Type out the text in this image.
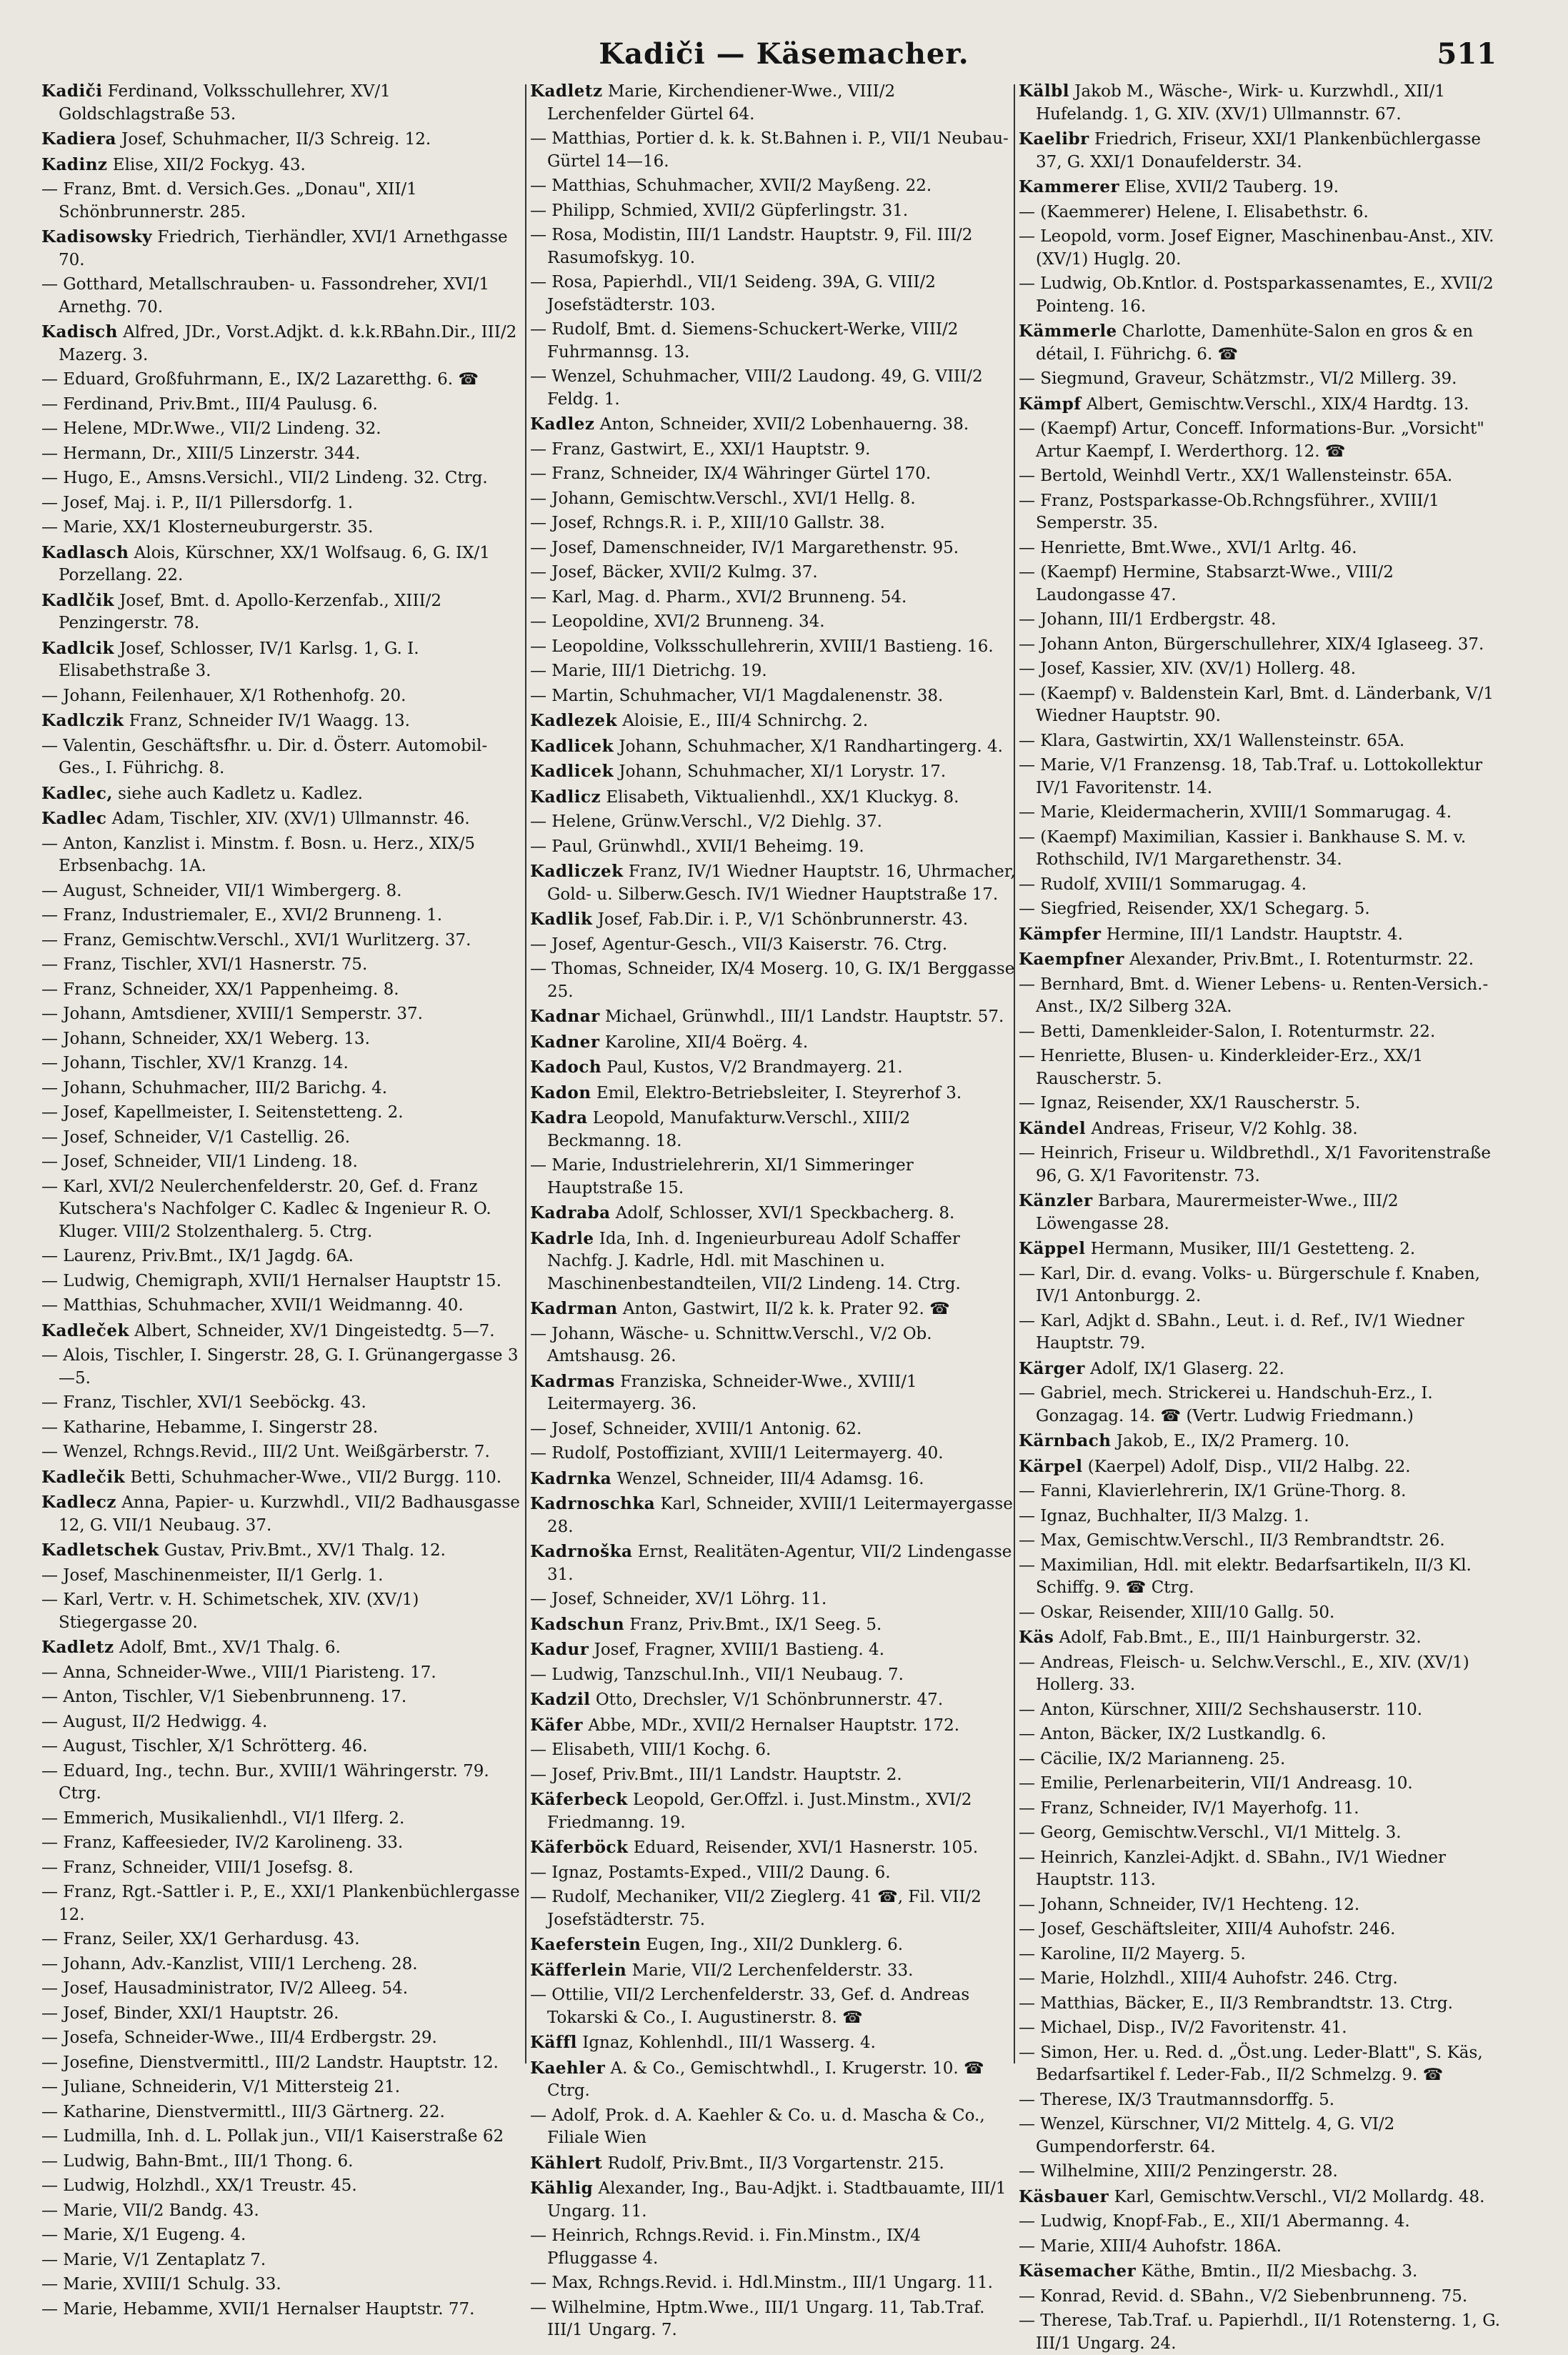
Kadiči — Käsemacher.	511
Kadiči Ferdinand, Volksschullehrer, XV/1 Goldschlagstraße 53.
Kadiera Josef, Schuhmacher, II/3 Schreig. 12.
Kadinz Elise, XII/2 Fockyg. 43.
— Franz, Bmt. d. Versich.Ges. „Donau", XII/1 Schönbrunnerstr. 285.
Kadisowsky Friedrich, Tierhändler, XVI/1 Arnethgasse 70.
— Gotthard, Metallschrauben- u. Fassondreher, XVI/1 Arnethg. 70.
Kadisch Alfred, JDr., Vorst.Adjkt. d. k.k.RBahn.Dir., III/2 Mazerg. 3.
— Eduard, Großfuhrmann, E., IX/2 Lazaretthg. 6. ☎
— Ferdinand, Priv.Bmt., III/4 Paulusg. 6.
— Helene, MDr.Wwe., VII/2 Lindeng. 32.
— Hermann, Dr., XIII/5 Linzerstr. 344.
— Hugo, E., Amsns.Versichl., VII/2 Lindeng. 32. Ctrg.
— Josef, Maj. i. P., II/1 Pillersdorfg. 1.
— Marie, XX/1 Klosterneuburgerstr. 35.
Kadlasch Alois, Kürschner, XX/1 Wolfsaug. 6, G. IX/1 Porzellang. 22.
Kadlčik Josef, Bmt. d. Apollo-Kerzenfab., XIII/2 Penzingerstr. 78.
Kadlcik Josef, Schlosser, IV/1 Karlsg. 1, G. I. Elisabethstraße 3.
— Johann, Feilenhauer, X/1 Rothenhofg. 20.
Kadlczik Franz, Schneider IV/1 Waagg. 13.
— Valentin, Geschäftsfhr. u. Dir. d. Österr. Automobil-Ges., I. Führichg. 8.
Kadlec, siehe auch Kadletz u. Kadlez.
Kadlec Adam, Tischler, XIV. (XV/1) Ullmannstr. 46.
— Anton, Kanzlist i. Minstm. f. Bosn. u. Herz., XIX/5 Erbsenbachg. 1A.
— August, Schneider, VII/1 Wimbergerg. 8.
— Franz, Industriemaler, E., XVI/2 Brunneng. 1.
— Franz, Gemischtw.Verschl., XVI/1 Wurlitzerg. 37.
— Franz, Tischler, XVI/1 Hasnerstr. 75.
— Franz, Schneider, XX/1 Pappenheimg. 8.
— Johann, Amtsdiener, XVIII/1 Semperstr. 37.
— Johann, Schneider, XX/1 Weberg. 13.
— Johann, Tischler, XV/1 Kranzg. 14.
— Johann, Schuhmacher, III/2 Barichg. 4.
— Josef, Kapellmeister, I. Seitenstetteng. 2.
— Josef, Schneider, V/1 Castellig. 26.
— Josef, Schneider, VII/1 Lindeng. 18.
— Karl, XVI/2 Neulerchenfelderstr. 20, Gef. d. Franz Kutschera's Nachfolger C. Kadlec & Ingenieur R. O. Kluger. VIII/2 Stolzenthalerg. 5. Ctrg.
— Laurenz, Priv.Bmt., IX/1 Jagdg. 6A.
— Ludwig, Chemigraph, XVII/1 Hernalser Hauptstr 15.
— Matthias, Schuhmacher, XVII/1 Weidmanng. 40.
Kadleček Albert, Schneider, XV/1 Dingeistedtg. 5—7.
— Alois, Tischler, I. Singerstr. 28, G. I. Grünangergasse 3—5.
— Franz, Tischler, XVI/1 Seeböckg. 43.
— Katharine, Hebamme, I. Singerstr 28.
— Wenzel, Rchngs.Revid., III/2 Unt. Weißgärberstr. 7.
Kadlečik Betti, Schuhmacher-Wwe., VII/2 Burgg. 110.
Kadlecz Anna, Papier- u. Kurzwhdl., VII/2 Badhausgasse 12, G. VII/1 Neubaug. 37.
Kadletschek Gustav, Priv.Bmt., XV/1 Thalg. 12.
— Josef, Maschinenmeister, II/1 Gerlg. 1.
— Karl, Vertr. v. H. Schimetschek, XIV. (XV/1) Stiegergasse 20.
Kadletz Adolf, Bmt., XV/1 Thalg. 6.
— Anna, Schneider-Wwe., VIII/1 Piaristeng. 17.
— Anton, Tischler, V/1 Siebenbrunneng. 17.
— August, II/2 Hedwigg. 4.
— August, Tischler, X/1 Schrötterg. 46.
— Eduard, Ing., techn. Bur., XVIII/1 Währingerstr. 79. Ctrg.
— Emmerich, Musikalienhdl., VI/1 Ilferg. 2.
— Franz, Kaffeesieder, IV/2 Karolineng. 33.
— Franz, Schneider, VIII/1 Josefsg. 8.
— Franz, Rgt.-Sattler i. P., E., XXI/1 Plankenbüchlergasse 12.
— Franz, Seiler, XX/1 Gerhardusg. 43.
— Johann, Adv.-Kanzlist, VIII/1 Lercheng. 28.
— Josef, Hausadministrator, IV/2 Alleeg. 54.
— Josef, Binder, XXI/1 Hauptstr. 26.
— Josefa, Schneider-Wwe., III/4 Erdbergstr. 29.
— Josefine, Dienstvermittl., III/2 Landstr. Hauptstr. 12.
— Juliane, Schneiderin, V/1 Mittersteig 21.
— Katharine, Dienstvermittl., III/3 Gärtnerg. 22.
— Ludmilla, Inh. d. L. Pollak jun., VII/1 Kaiserstraße 62
— Ludwig, Bahn-Bmt., III/1 Thong. 6.
— Ludwig, Holzhdl., XX/1 Treustr. 45.
— Marie, VII/2 Bandg. 43.
— Marie, X/1 Eugeng. 4.
— Marie, V/1 Zentaplatz 7.
— Marie, XVIII/1 Schulg. 33.
— Marie, Hebamme, XVII/1 Hernalser Hauptstr. 77.
Kadletz Marie, Kirchendiener-Wwe., VIII/2 Lerchenfelder Gürtel 64.
— Matthias, Portier d. k. k. St.Bahnen i. P., VII/1 Neubau-Gürtel 14—16.
— Matthias, Schuhmacher, XVII/2 Mayßeng. 22.
— Philipp, Schmied, XVII/2 Güpferlingstr. 31.
— Rosa, Modistin, III/1 Landstr. Hauptstr. 9, Fil. III/2 Rasumofskyg. 10.
— Rosa, Papierhdl., VII/1 Seideng. 39A, G. VIII/2 Josefstädterstr. 103.
— Rudolf, Bmt. d. Siemens-Schuckert-Werke, VIII/2 Fuhrmannsg. 13.
— Wenzel, Schuhmacher, VIII/2 Laudong. 49, G. VIII/2 Feldg. 1.
Kadlez Anton, Schneider, XVII/2 Lobenhauerng. 38.
— Franz, Gastwirt, E., XXI/1 Hauptstr. 9.
— Franz, Schneider, IX/4 Währinger Gürtel 170.
— Johann, Gemischtw.Verschl., XVI/1 Hellg. 8.
— Josef, Rchngs.R. i. P., XIII/10 Gallstr. 38.
— Josef, Damenschneider, IV/1 Margarethenstr. 95.
— Josef, Bäcker, XVII/2 Kulmg. 37.
— Karl, Mag. d. Pharm., XVI/2 Brunneng. 54.
— Leopoldine, XVI/2 Brunneng. 34.
— Leopoldine, Volksschullehrerin, XVIII/1 Bastieng. 16.
— Marie, III/1 Dietrichg. 19.
— Martin, Schuhmacher, VI/1 Magdalenenstr. 38.
Kadlezek Aloisie, E., III/4 Schnirchg. 2.
Kadlicek Johann, Schuhmacher, X/1 Randhartingerg. 4.
Kadlicek Johann, Schuhmacher, XI/1 Lorystr. 17.
Kadlicz Elisabeth, Viktualienhdl., XX/1 Kluckyg. 8.
— Helene, Grünw.Verschl., V/2 Diehlg. 37.
— Paul, Grünwhdl., XVII/1 Beheimg. 19.
Kadliczek Franz, IV/1 Wiedner Hauptstr. 16, Uhrmacher, Gold- u. Silberw.Gesch. IV/1 Wiedner Hauptstraße 17.
Kadlik Josef, Fab.Dir. i. P., V/1 Schönbrunnerstr. 43.
— Josef, Agentur-Gesch., VII/3 Kaiserstr. 76. Ctrg.
— Thomas, Schneider, IX/4 Moserg. 10, G. IX/1 Berggasse 25.
Kadnar Michael, Grünwhdl., III/1 Landstr. Hauptstr. 57.
Kadner Karoline, XII/4 Boërg. 4.
Kadoch Paul, Kustos, V/2 Brandmayerg. 21.
Kadon Emil, Elektro-Betriebsleiter, I. Steyrerhof 3.
Kadra Leopold, Manufakturw.Verschl., XIII/2 Beckmanng. 18.
— Marie, Industrielehrerin, XI/1 Simmeringer Hauptstraße 15.
Kadraba Adolf, Schlosser, XVI/1 Speckbacherg. 8.
Kadrle Ida, Inh. d. Ingenieurbureau Adolf Schaffer Nachfg. J. Kadrle, Hdl. mit Maschinen u. Maschinenbestandteilen, VII/2 Lindeng. 14. Ctrg.
Kadrman Anton, Gastwirt, II/2 k. k. Prater 92. ☎
— Johann, Wäsche- u. Schnittw.Verschl., V/2 Ob. Amtshausg. 26.
Kadrmas Franziska, Schneider-Wwe., XVIII/1 Leitermayerg. 36.
— Josef, Schneider, XVIII/1 Antonig. 62.
— Rudolf, Postoffiziant, XVIII/1 Leitermayerg. 40.
Kadrnka Wenzel, Schneider, III/4 Adamsg. 16.
Kadrnoschka Karl, Schneider, XVIII/1 Leitermayergasse 28.
Kadrnoška Ernst, Realitäten-Agentur, VII/2 Lindengasse 31.
— Josef, Schneider, XV/1 Löhrg. 11.
Kadschun Franz, Priv.Bmt., IX/1 Seeg. 5.
Kadur Josef, Fragner, XVIII/1 Bastieng. 4.
— Ludwig, Tanzschul.Inh., VII/1 Neubaug. 7.
Kadzil Otto, Drechsler, V/1 Schönbrunnerstr. 47.
Käfer Abbe, MDr., XVII/2 Hernalser Hauptstr. 172.
— Elisabeth, VIII/1 Kochg. 6.
— Josef, Priv.Bmt., III/1 Landstr. Hauptstr. 2.
Käferbeck Leopold, Ger.Offzl. i. Just.Minstm., XVI/2 Friedmanng. 19.
Käferböck Eduard, Reisender, XVI/1 Hasnerstr. 105.
— Ignaz, Postamts-Exped., VIII/2 Daung. 6.
— Rudolf, Mechaniker, VII/2 Zieglerg. 41 ☎, Fil. VII/2 Josefstädterstr. 75.
Kaeferstein Eugen, Ing., XII/2 Dunklerg. 6.
Käfferlein Marie, VII/2 Lerchenfelderstr. 33.
— Ottilie, VII/2 Lerchenfelderstr. 33, Gef. d. Andreas Tokarski & Co., I. Augustinerstr. 8. ☎
Käffl Ignaz, Kohlenhdl., III/1 Wasserg. 4.
Kaehler A. & Co., Gemischtwhdl., I. Krugerstr. 10. ☎ Ctrg.
— Adolf, Prok. d. A. Kaehler & Co. u. d. Mascha & Co., Filiale Wien
Kählert Rudolf, Priv.Bmt., II/3 Vorgartenstr. 215.
Kählig Alexander, Ing., Bau-Adjkt. i. Stadtbauamte, III/1 Ungarg. 11.
— Heinrich, Rchngs.Revid. i. Fin.Minstm., IX/4 Pfluggasse 4.
— Max, Rchngs.Revid. i. Hdl.Minstm., III/1 Ungarg. 11.
— Wilhelmine, Hptm.Wwe., III/1 Ungarg. 11, Tab.Traf. III/1 Ungarg. 7.
Kälbl Jakob M., Wäsche-, Wirk- u. Kurzwhdl., XII/1 Hufelandg. 1, G. XIV. (XV/1) Ullmannstr. 67.
Kaelibr Friedrich, Friseur, XXI/1 Plankenbüchlergasse 37, G. XXI/1 Donaufelderstr. 34.
Kammerer Elise, XVII/2 Tauberg. 19.
— (Kaemmerer) Helene, I. Elisabethstr. 6.
— Leopold, vorm. Josef Eigner, Maschinenbau-Anst., XIV. (XV/1) Huglg. 20.
— Ludwig, Ob.Kntlor. d. Postsparkassenamtes, E., XVII/2 Pointeng. 16.
Kämmerle Charlotte, Damenhüte-Salon en gros & en détail, I. Führichg. 6. ☎
— Siegmund, Graveur, Schätzmstr., VI/2 Millerg. 39.
Kämpf Albert, Gemischtw.Verschl., XIX/4 Hardtg. 13.
— (Kaempf) Artur, Conceff. Informations-Bur. „Vorsicht" Artur Kaempf, I. Werderthorg. 12. ☎
— Bertold, Weinhdl Vertr., XX/1 Wallensteinstr. 65A.
— Franz, Postsparkasse-Ob.Rchngsführer., XVIII/1 Semperstr. 35.
— Henriette, Bmt.Wwe., XVI/1 Arltg. 46.
— (Kaempf) Hermine, Stabsarzt-Wwe., VIII/2 Laudongasse 47.
— Johann, III/1 Erdbergstr. 48.
— Johann Anton, Bürgerschullehrer, XIX/4 Iglaseeg. 37.
— Josef, Kassier, XIV. (XV/1) Hollerg. 48.
— (Kaempf) v. Baldenstein Karl, Bmt. d. Länderbank, V/1 Wiedner Hauptstr. 90.
— Klara, Gastwirtin, XX/1 Wallensteinstr. 65A.
— Marie, V/1 Franzensg. 18, Tab.Traf. u. Lottokollektur IV/1 Favoritenstr. 14.
— Marie, Kleidermacherin, XVIII/1 Sommarugag. 4.
— (Kaempf) Maximilian, Kassier i. Bankhause S. M. v. Rothschild, IV/1 Margarethenstr. 34.
— Rudolf, XVIII/1 Sommarugag. 4.
— Siegfried, Reisender, XX/1 Schegarg. 5.
Kämpfer Hermine, III/1 Landstr. Hauptstr. 4.
Kaempfner Alexander, Priv.Bmt., I. Rotenturmstr. 22.
— Bernhard, Bmt. d. Wiener Lebens- u. Renten-Versich.-Anst., IX/2 Silberg 32A.
— Betti, Damenkleider-Salon, I. Rotenturmstr. 22.
— Henriette, Blusen- u. Kinderkleider-Erz., XX/1 Rauscherstr. 5.
— Ignaz, Reisender, XX/1 Rauscherstr. 5.
Kändel Andreas, Friseur, V/2 Kohlg. 38.
— Heinrich, Friseur u. Wildbrethdl., X/1 Favoritenstraße 96, G. X/1 Favoritenstr. 73.
Känzler Barbara, Maurermeister-Wwe., III/2 Löwengasse 28.
Käppel Hermann, Musiker, III/1 Gestetteng. 2.
— Karl, Dir. d. evang. Volks- u. Bürgerschule f. Knaben, IV/1 Antonburgg. 2.
— Karl, Adjkt d. SBahn., Leut. i. d. Ref., IV/1 Wiedner Hauptstr. 79.
Kärger Adolf, IX/1 Glaserg. 22.
— Gabriel, mech. Strickerei u. Handschuh-Erz., I. Gonzagag. 14. ☎ (Vertr. Ludwig Friedmann.)
Kärnbach Jakob, E., IX/2 Pramerg. 10.
Kärpel (Kaerpel) Adolf, Disp., VII/2 Halbg. 22.
— Fanni, Klavierlehrerin, IX/1 Grüne-Thorg. 8.
— Ignaz, Buchhalter, II/3 Malzg. 1.
— Max, Gemischtw.Verschl., II/3 Rembrandtstr. 26.
— Maximilian, Hdl. mit elektr. Bedarfsartikeln, II/3 Kl. Schiffg. 9. ☎ Ctrg.
— Oskar, Reisender, XIII/10 Gallg. 50.
Käs Adolf, Fab.Bmt., E., III/1 Hainburgerstr. 32.
— Andreas, Fleisch- u. Selchw.Verschl., E., XIV. (XV/1) Hollerg. 33.
— Anton, Kürschner, XIII/2 Sechshauserstr. 110.
— Anton, Bäcker, IX/2 Lustkandlg. 6.
— Cäcilie, IX/2 Marianneng. 25.
— Emilie, Perlenarbeiterin, VII/1 Andreasg. 10.
— Franz, Schneider, IV/1 Mayerhofg. 11.
— Georg, Gemischtw.Verschl., VI/1 Mittelg. 3.
— Heinrich, Kanzlei-Adjkt. d. SBahn., IV/1 Wiedner Hauptstr. 113.
— Johann, Schneider, IV/1 Hechteng. 12.
— Josef, Geschäftsleiter, XIII/4 Auhofstr. 246.
— Karoline, II/2 Mayerg. 5.
— Marie, Holzhdl., XIII/4 Auhofstr. 246. Ctrg.
— Matthias, Bäcker, E., II/3 Rembrandtstr. 13. Ctrg.
— Michael, Disp., IV/2 Favoritenstr. 41.
— Simon, Her. u. Red. d. „Öst.ung. Leder-Blatt", S. Käs, Bedarfsartikel f. Leder-Fab., II/2 Schmelzg. 9. ☎
— Therese, IX/3 Trautmannsdorffg. 5.
— Wenzel, Kürschner, VI/2 Mittelg. 4, G. VI/2 Gumpendorferstr. 64.
— Wilhelmine, XIII/2 Penzingerstr. 28.
Käsbauer Karl, Gemischtw.Verschl., VI/2 Mollardg. 48.
— Ludwig, Knopf-Fab., E., XII/1 Abermanng. 4.
— Marie, XIII/4 Auhofstr. 186A.
Käsemacher Käthe, Bmtin., II/2 Miesbachg. 3.
— Konrad, Revid. d. SBahn., V/2 Siebenbrunneng. 75.
— Therese, Tab.Traf. u. Papierhdl., II/1 Rotensterng. 1, G. III/1 Ungarg. 24.
